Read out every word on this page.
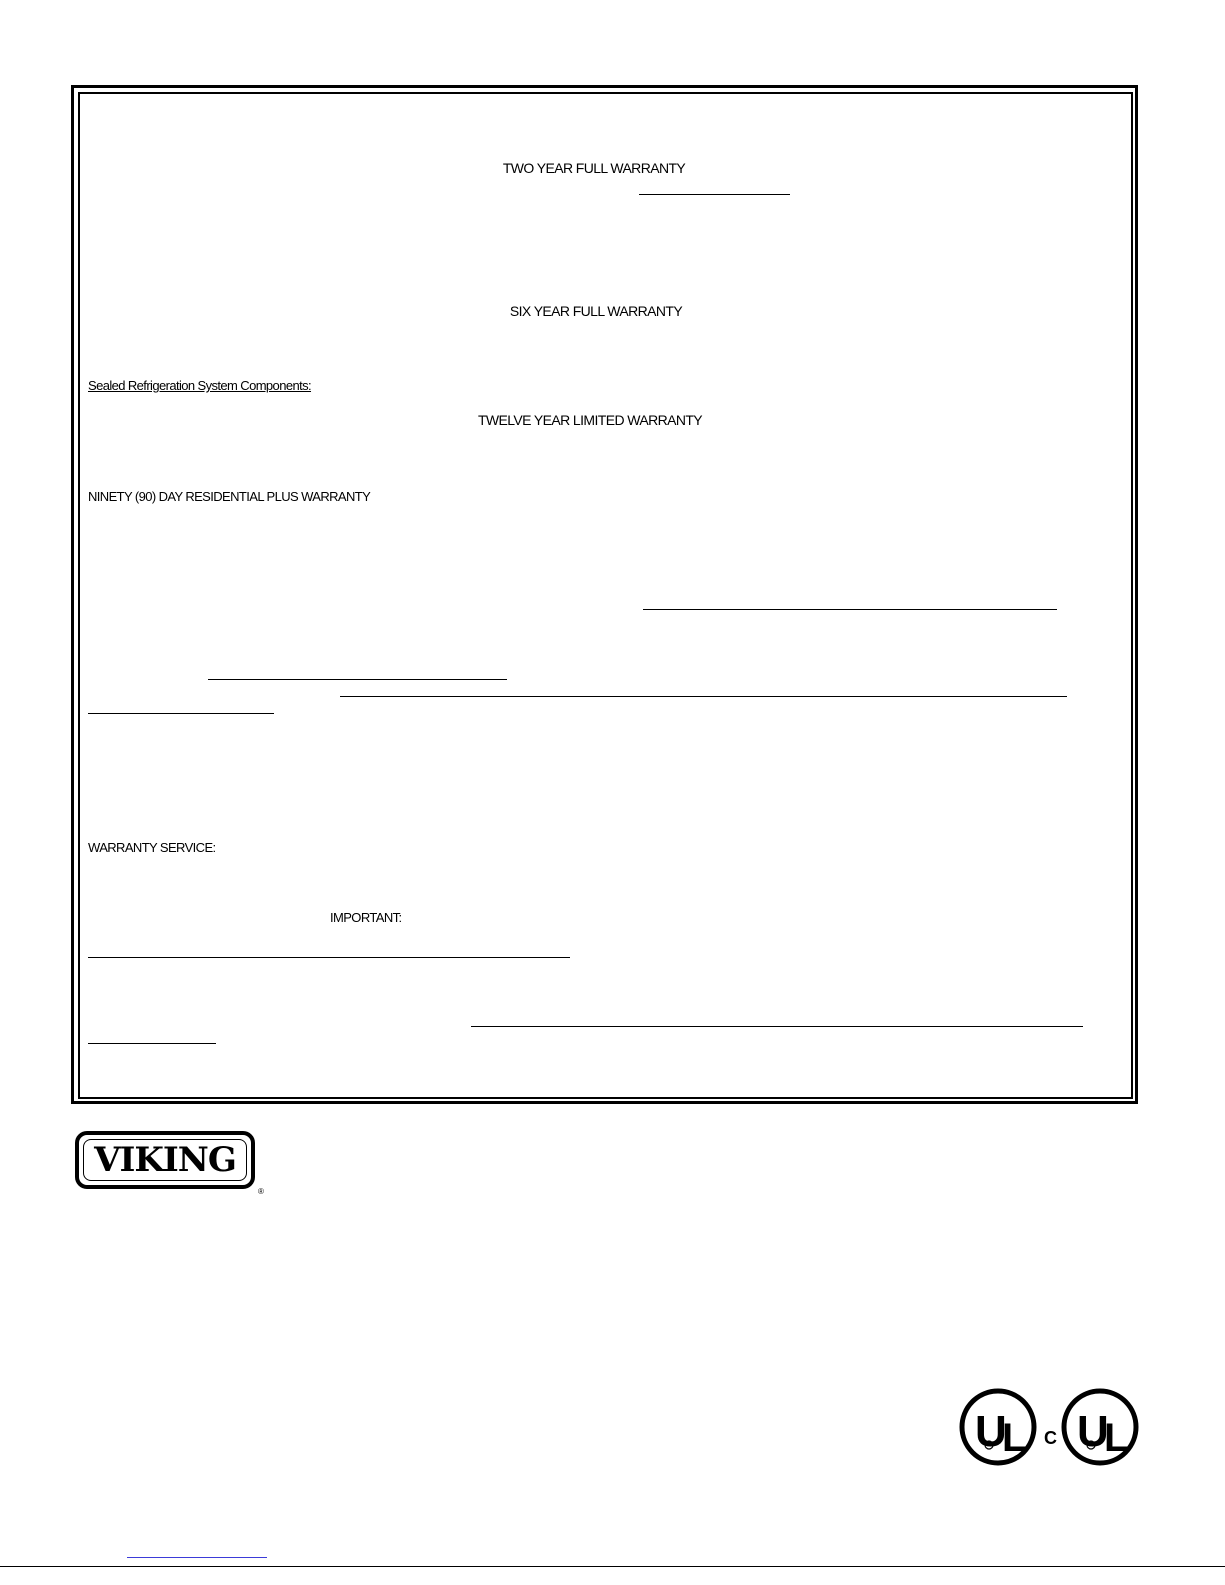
TWO YEAR FULL WARRANTY
SIX YEAR FULL WARRANTY
Sealed Refrigeration System Components:
TWELVE YEAR LIMITED WARRANTY
NINETY (90) DAY RESIDENTIAL PLUS WARRANTY
WARRANTY SERVICE:
IMPORTANT:
VIKING
®
U
L C U
L
